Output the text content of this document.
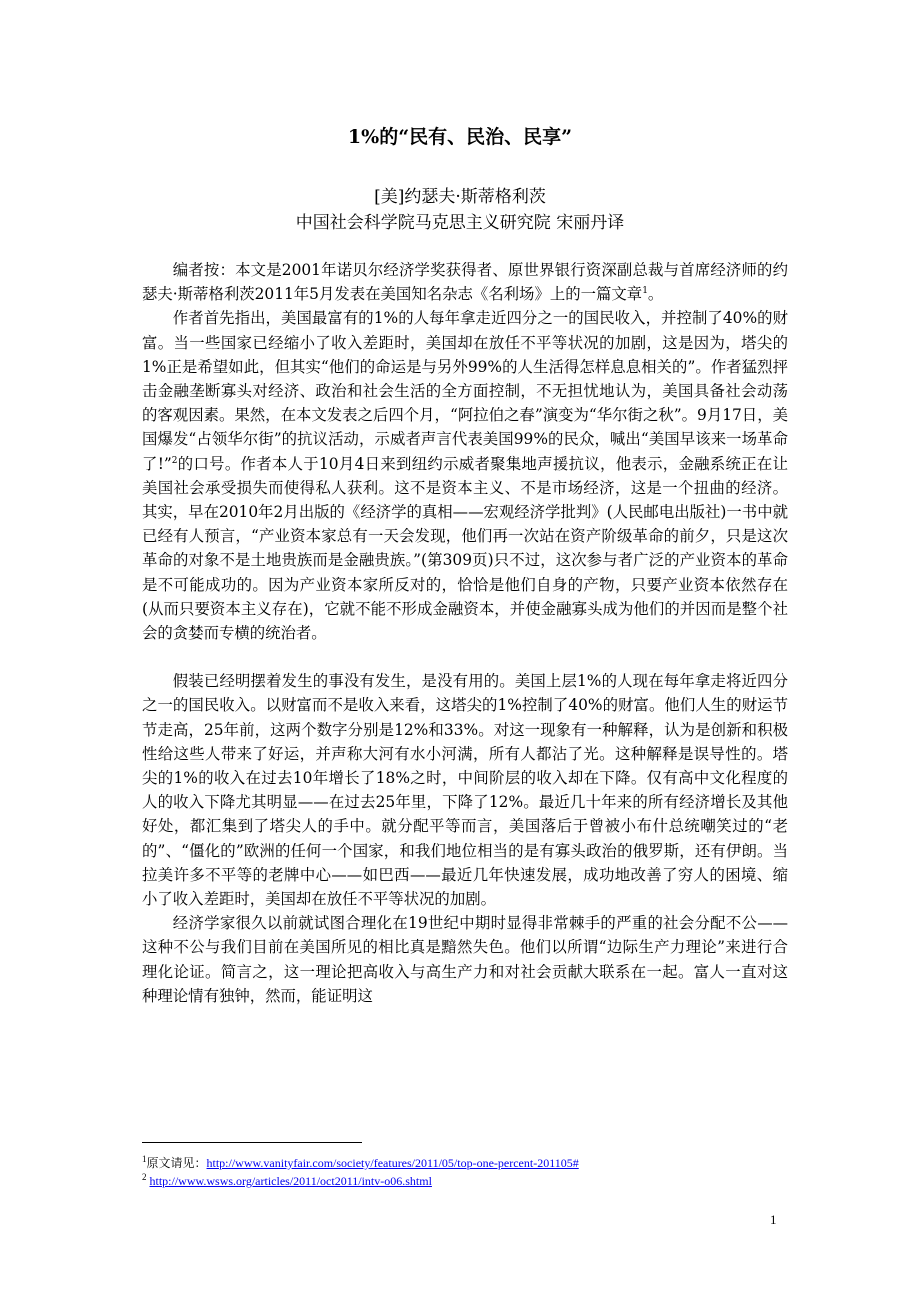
1%的“民有、民治、民享”
[美]约瑟夫·斯蒂格利茨
中国社会科学院马克思主义研究院 宋丽丹译

编者按：本文是2001年诺贝尔经济学奖获得者、原世界银行资深副总裁与首席经济师的约瑟夫·斯蒂格利茨2011年5月发表在美国知名杂志《名利场》上的一篇文章$^1$。

作者首先指出，美国最富有的1%的人每年拿走近四分之一的国民收入，并控制了40%的财富。当一些国家已经缩小了收入差距时，美国却在放任不平等状况的加剧，这是因为，塔尖的1%正是希望如此，但其实“他们的命运是与另外99%的人生活得怎样息息相关的”。作者猛烈抨击金融垄断寡头对经济、政治和社会生活的全方面控制，不无担忧地认为，美国具备社会动荡的客观因素。果然，在本文发表之后四个月，“阿拉伯之春”演变为“华尔街之秋”。9月17日，美国爆发“占领华尔街”的抗议活动，示威者声言代表美国99%的民众，喊出“美国早该来一场革命了!”$^2$的口号。作者本人于10月4日来到纽约示威者聚集地声援抗议，他表示，金融系统正在让美国社会承受损失而使得私人获利。这不是资本主义、不是市场经济，这是一个扭曲的经济。其实，早在2010年2月出版的《经济学的真相——宏观经济学批判》(人民邮电出版社)一书中就已经有人预言，“产业资本家总有一天会发现，他们再一次站在资产阶级革命的前夕，只是这次革命的对象不是土地贵族而是金融贵族。”(第309页)只不过，这次参与者广泛的产业资本的革命是不可能成功的。因为产业资本家所反对的，恰恰是他们自身的产物，只要产业资本依然存在(从而只要资本主义存在)，它就不能不形成金融资本，并使金融寡头成为他们的并因而是整个社会的贪婪而专横的统治者。

假装已经明摆着发生的事没有发生，是没有用的。美国上层1%的人现在每年拿走将近四分之一的国民收入。以财富而不是收入来看，这塔尖的1%控制了40%的财富。他们人生的财运节节走高，25年前，这两个数字分别是12%和33%。对这一现象有一种解释，认为是创新和积极性给这些人带来了好运，并声称大河有水小河满，所有人都沾了光。这种解释是误导性的。塔尖的1%的收入在过去10年增长了18%之时，中间阶层的收入却在下降。仅有高中文化程度的人的收入下降尤其明显——在过去25年里，下降了12%。最近几十年来的所有经济增长及其他好处，都汇集到了塔尖人的手中。就分配平等而言，美国落后于曾被小布什总统嘲笑过的“老的”、“僵化的”欧洲的任何一个国家，和我们地位相当的是有寡头政治的俄罗斯，还有伊朗。当拉美许多不平等的老牌中心——如巴西——最近几年快速发展，成功地改善了穷人的困境、缩小了收入差距时，美国却在放任不平等状况的加剧。

经济学家很久以前就试图合理化在19世纪中期时显得非常棘手的严重的社会分配不公——这种不公与我们目前在美国所见的相比真是黯然失色。他们以所谓“边际生产力理论”来进行合理化论证。简言之，这一理论把高收入与高生产力和对社会贡献大联系在一起。富人一直对这种理论情有独钟，然而，能证明这

$^1$原文请见：http://www.vanityfair.com/society/features/2011/05/top-one-percent-201105#
$^2$ http://www.wsws.org/articles/2011/oct2011/intv-o06.shtml
1
